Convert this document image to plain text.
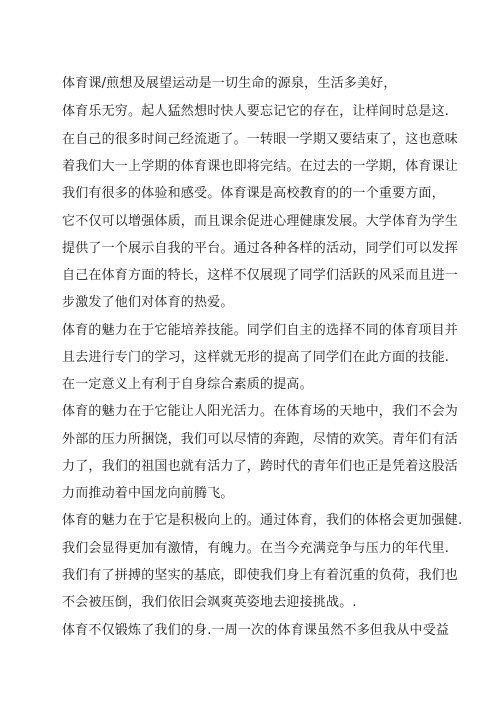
体育课/煎想及展望运动是一切生命的源泉，生活多美好，
体育乐无穷。起人猛然想时快人要忘记它的存在，让样间时总是这.
在自己的很多时间己经流逝了。一转眼一学期又要结束了，这也意味
着我们大一上学期的体育课也即将完结。在过去的一学期，体育课让
我们有很多的体验和感受。体育课是高校教育的的一个重要方面，
它不仅可以增强体质，而且课余促进心理健康发展。大学体育为学生
提供了一个展示自我的平台。通过各种各样的活动，同学们可以发挥
自己在体育方面的特长，这样不仅展现了同学们活跃的风采而且进一
步激发了他们对体育的热爱。
体育的魅力在于它能培养技能。同学们自主的选择不同的体育项目并
且去进行专门的学习，这样就无形的提高了同学们在此方面的技能.
在一定意义上有利于自身综合素质的提高。
体育的魅力在于它能让人阳光活力。在体育场的天地中，我们不会为
外部的压力所捆饶，我们可以尽情的奔跑，尽情的欢笑。青年们有活
力了，我们的祖国也就有活力了，跨时代的青年们也正是凭着这股活
力而推动着中国龙向前腾飞。
体育的魅力在于它是积极向上的。通过体育，我们的体格会更加强健.
我们会显得更加有激情，有魄力。在当今充满竞争与压力的年代里.
我们有了拼搏的坚实的基底，即使我们身上有着沉重的负荷，我们也
不会被压倒，我们依旧会飒爽英姿地去迎接挑战。.
体育不仅锻炼了我们的身.一周一次的体育课虽然不多但我从中受益
